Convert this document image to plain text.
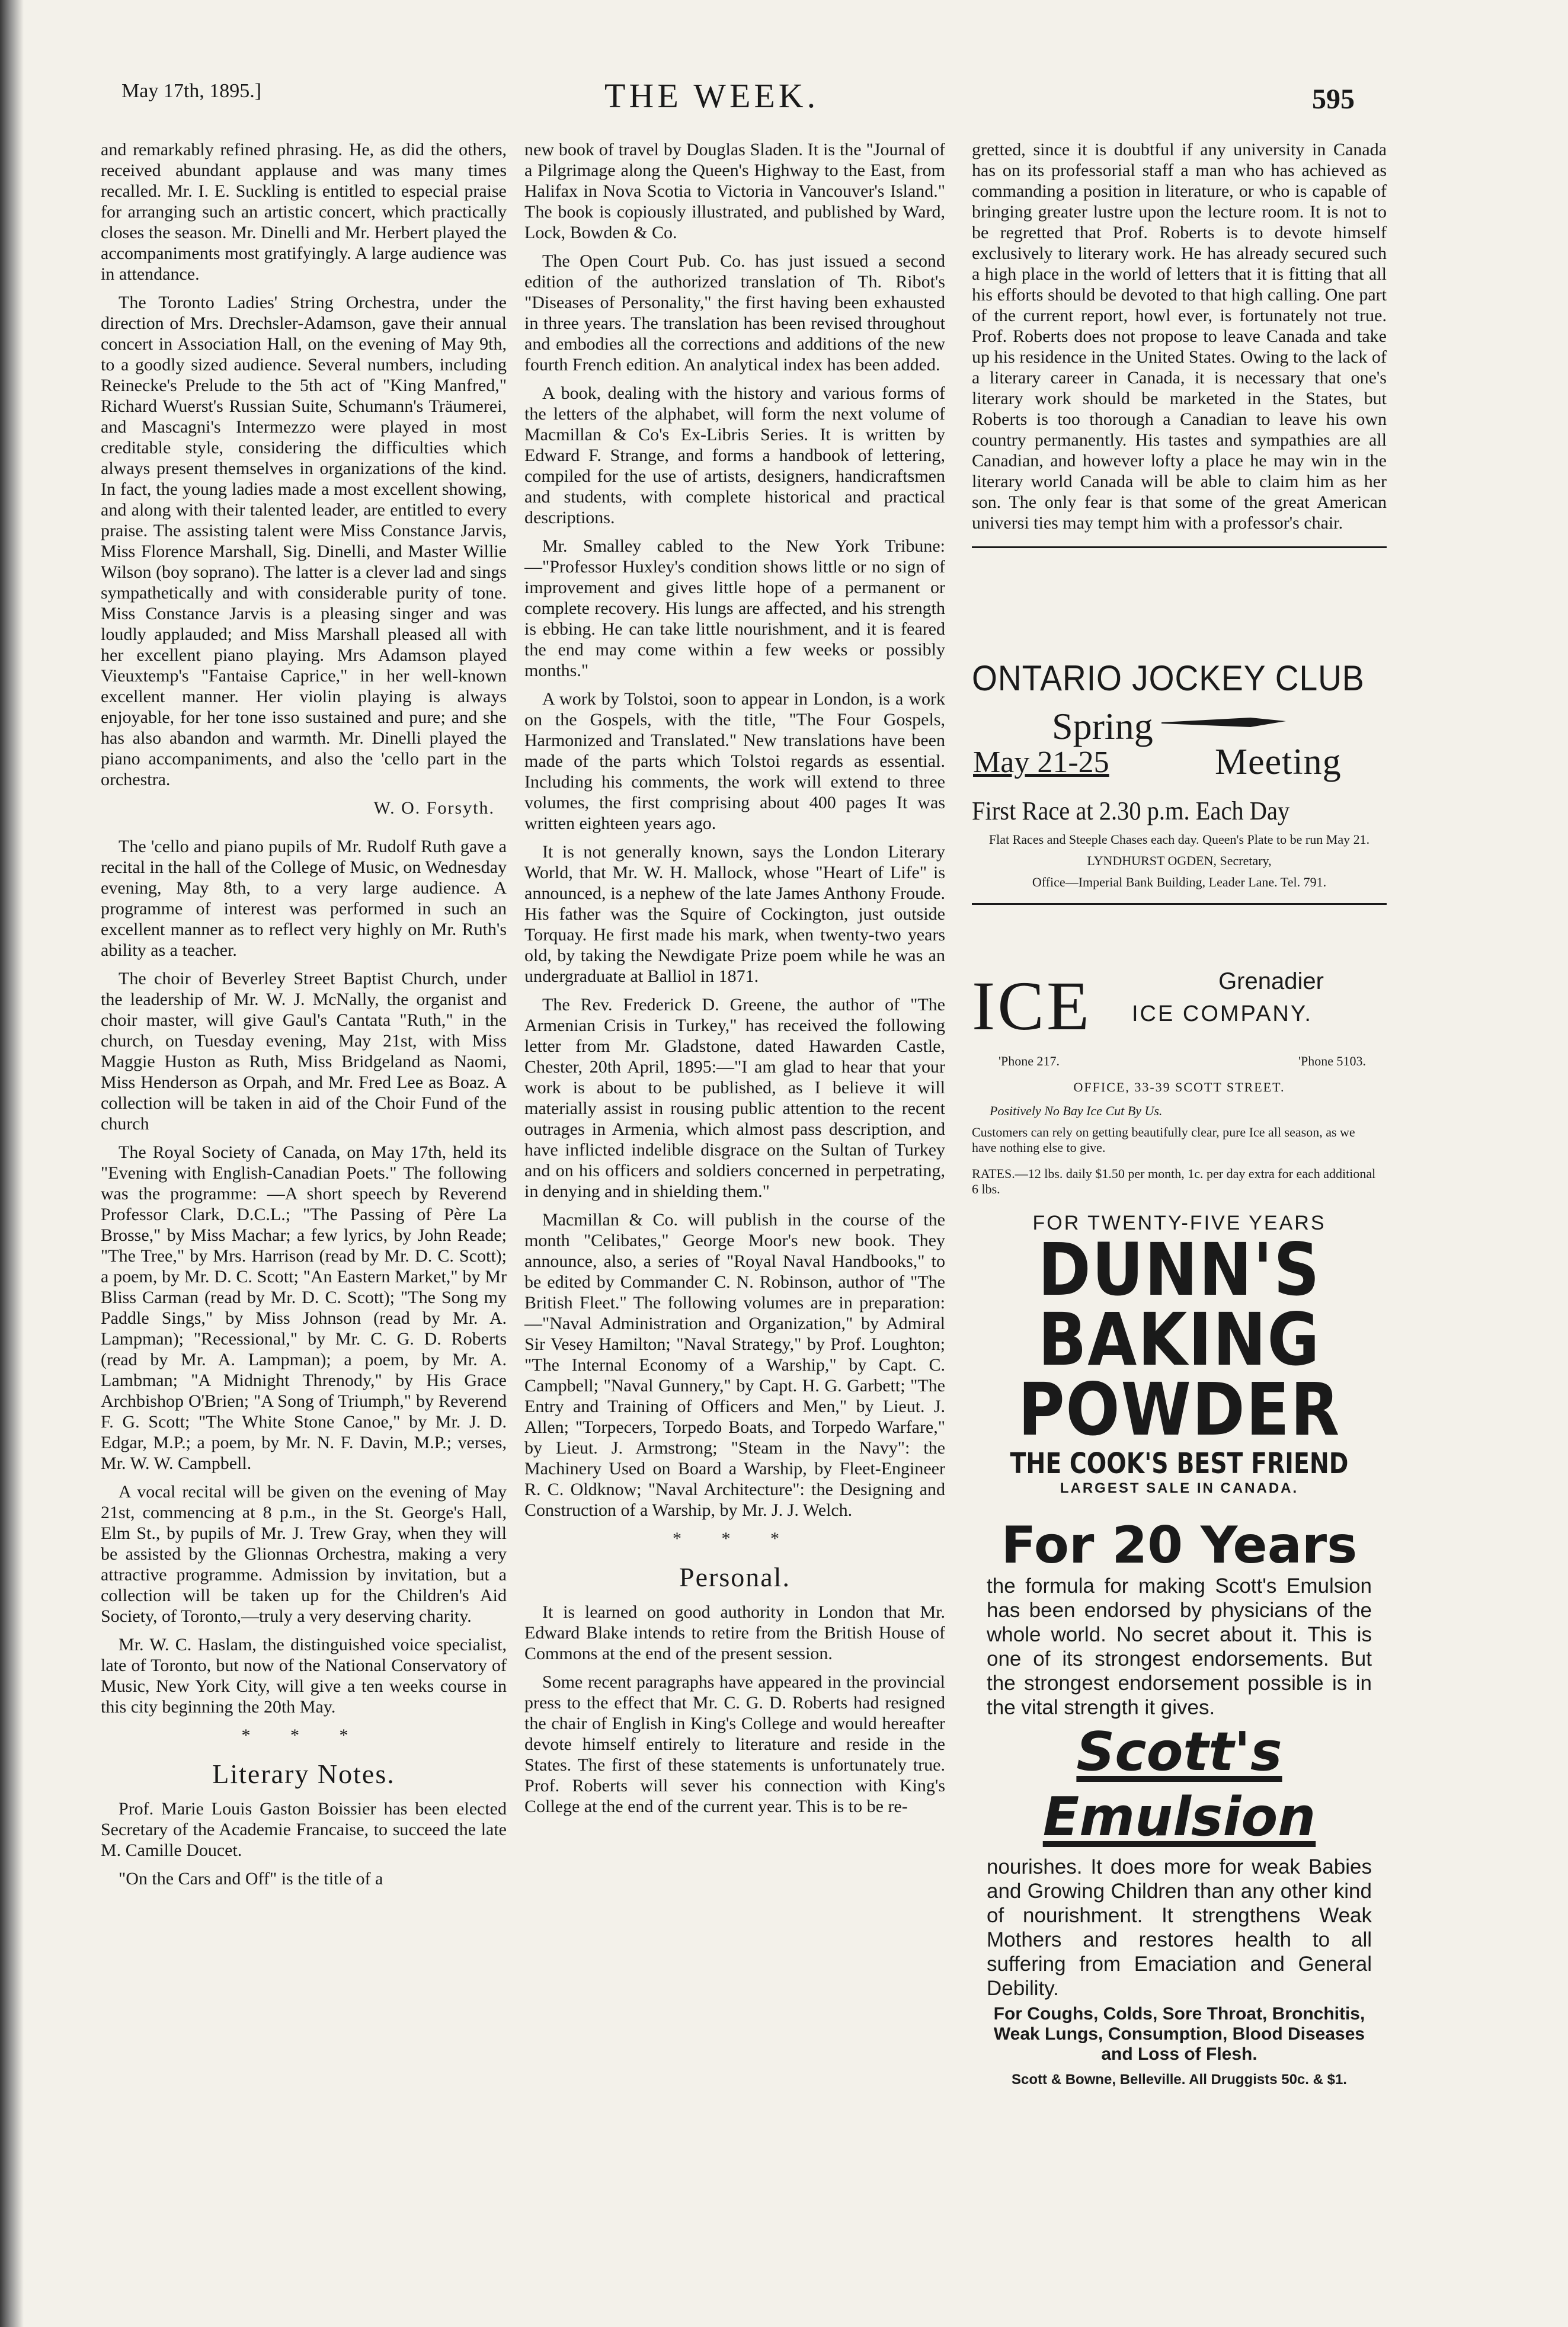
May 17th, 1895.]	THE WEEK.	595

and remarkably refined phrasing. He, as did the others, received abundant applause and was many times recalled. Mr. I. E. Suckling is entitled to especial praise for arranging such an artistic concert, which practically closes the season. Mr. Dinelli and Mr. Herbert played the accompaniments most gratifyingly. A large audience was in attendance.

The Toronto Ladies' String Orchestra, under the direction of Mrs. Drechsler-Adamson, gave their annual concert in Association Hall, on the evening of May 9th, to a goodly sized audience. Several numbers, including Reinecke's Prelude to the 5th act of "King Manfred," Richard Wuerst's Russian Suite, Schumann's Träumerei, and Mascagni's Intermezzo were played in most creditable style, considering the difficulties which always present themselves in organizations of the kind. In fact, the young ladies made a most excellent showing, and along with their talented leader, are entitled to every praise. The assisting talent were Miss Constance Jarvis, Miss Florence Marshall, Sig. Dinelli, and Master Willie Wilson (boy soprano). The latter is a clever lad and sings sympathetically and with considerable purity of tone. Miss Constance Jarvis is a pleasing singer and was loudly applauded; and Miss Marshall pleased all with her excellent piano playing. Mrs Adamson played Vieuxtemp's "Fantaise Caprice," in her well-known excellent manner. Her violin playing is always enjoyable, for her tone isso sustained and pure; and she has also abandon and warmth. Mr. Dinelli played the piano accompaniments, and also the 'cello part in the orchestra.

W. O. Forsyth.

The 'cello and piano pupils of Mr. Rudolf Ruth gave a recital in the hall of the College of Music, on Wednesday evening, May 8th, to a very large audience. A programme of interest was performed in such an excellent manner as to reflect very highly on Mr. Ruth's ability as a teacher.

The choir of Beverley Street Baptist Church, under the leadership of Mr. W. J. McNally, the organist and choir master, will give Gaul's Cantata "Ruth," in the church, on Tuesday evening, May 21st, with Miss Maggie Huston as Ruth, Miss Bridgeland as Naomi, Miss Henderson as Orpah, and Mr. Fred Lee as Boaz. A collection will be taken in aid of the Choir Fund of the church

The Royal Society of Canada, on May 17th, held its "Evening with English-Canadian Poets." The following was the programme: —A short speech by Reverend Professor Clark, D.C.L.; "The Passing of Père La Brosse," by Miss Machar; a few lyrics, by John Reade; "The Tree," by Mrs. Harrison (read by Mr. D. C. Scott); a poem, by Mr. D. C. Scott; "An Eastern Market," by Mr Bliss Carman (read by Mr. D. C. Scott); "The Song my Paddle Sings," by Miss Johnson (read by Mr. A. Lampman); "Recessional," by Mr. C. G. D. Roberts (read by Mr. A. Lampman); a poem, by Mr. A. Lambman; "A Midnight Threnody," by His Grace Archbishop O'Brien; "A Song of Triumph," by Reverend F. G. Scott; "The White Stone Canoe," by Mr. J. D. Edgar, M.P.; a poem, by Mr. N. F. Davin, M.P.; verses, Mr. W. W. Campbell.

A vocal recital will be given on the evening of May 21st, commencing at 8 p.m., in the St. George's Hall, Elm St., by pupils of Mr. J. Trew Gray, when they will be assisted by the Glionnas Orchestra, making a very attractive programme. Admission by invitation, but a collection will be taken up for the Children's Aid Society, of Toronto,—truly a very deserving charity.

Mr. W. C. Haslam, the distinguished voice specialist, late of Toronto, but now of the National Conservatory of Music, New York City, will give a ten weeks course in this city beginning the 20th May.

* * *
Literary Notes.

Prof. Marie Louis Gaston Boissier has been elected Secretary of the Academie Francaise, to succeed the late M. Camille Doucet.

"On the Cars and Off" is the title of a

new book of travel by Douglas Sladen. It is the "Journal of a Pilgrimage along the Queen's Highway to the East, from Halifax in Nova Scotia to Victoria in Vancouver's Island." The book is copiously illustrated, and published by Ward, Lock, Bowden & Co.

The Open Court Pub. Co. has just issued a second edition of the authorized translation of Th. Ribot's "Diseases of Personality," the first having been exhausted in three years. The translation has been revised throughout and embodies all the corrections and additions of the new fourth French edition. An analytical index has been added.

A book, dealing with the history and various forms of the letters of the alphabet, will form the next volume of Macmillan & Co's Ex-Libris Series. It is written by Edward F. Strange, and forms a handbook of lettering, compiled for the use of artists, designers, handicraftsmen and students, with complete historical and practical descriptions.

Mr. Smalley cabled to the New York Tribune:—"Professor Huxley's condition shows little or no sign of improvement and gives little hope of a permanent or complete recovery. His lungs are affected, and his strength is ebbing. He can take little nourishment, and it is feared the end may come within a few weeks or possibly months."

A work by Tolstoi, soon to appear in London, is a work on the Gospels, with the title, "The Four Gospels, Harmonized and Translated." New translations have been made of the parts which Tolstoi regards as essential. Including his comments, the work will extend to three volumes, the first comprising about 400 pages It was written eighteen years ago.

It is not generally known, says the London Literary World, that Mr. W. H. Mallock, whose "Heart of Life" is announced, is a nephew of the late James Anthony Froude. His father was the Squire of Cockington, just outside Torquay. He first made his mark, when twenty-two years old, by taking the Newdigate Prize poem while he was an undergraduate at Balliol in 1871.

The Rev. Frederick D. Greene, the author of "The Armenian Crisis in Turkey," has received the following letter from Mr. Gladstone, dated Hawarden Castle, Chester, 20th April, 1895:—"I am glad to hear that your work is about to be published, as I believe it will materially assist in rousing public attention to the recent outrages in Armenia, which almost pass description, and have inflicted indelible disgrace on the Sultan of Turkey and on his officers and soldiers concerned in perpetrating, in denying and in shielding them."

Macmillan & Co. will publish in the course of the month "Celibates," George Moor's new book. They announce, also, a series of "Royal Naval Handbooks," to be edited by Commander C. N. Robinson, author of "The British Fleet." The following volumes are in preparation:—"Naval Administration and Organization," by Admiral Sir Vesey Hamilton; "Naval Strategy," by Prof. Loughton; "The Internal Economy of a Warship," by Capt. C. Campbell; "Naval Gunnery," by Capt. H. G. Garbett; "The Entry and Training of Officers and Men," by Lieut. J. Allen; "Torpecers, Torpedo Boats, and Torpedo Warfare," by Lieut. J. Armstrong; "Steam in the Navy": the Machinery Used on Board a Warship, by Fleet-Engineer R. C. Oldknow; "Naval Architecture": the Designing and Construction of a Warship, by Mr. J. J. Welch.

* * *
Personal.

It is learned on good authority in London that Mr. Edward Blake intends to retire from the British House of Commons at the end of the present session.

Some recent paragraphs have appeared in the provincial press to the effect that Mr. C. G. D. Roberts had resigned the chair of English in King's College and would hereafter devote himself entirely to literature and reside in the States. The first of these statements is unfortunately true. Prof. Roberts will sever his connection with King's College at the end of the current year. This is to be re-

gretted, since it is doubtful if any university in Canada has on its professorial staff a man who has achieved as commanding a position in literature, or who is capable of bringing greater lustre upon the lecture room. It is not to be regretted that Prof. Roberts is to devote himself exclusively to literary work. He has already secured such a high place in the world of letters that it is fitting that all his efforts should be devoted to that high calling. One part of the current report, howl ever, is fortunately not true. Prof. Roberts does not propose to leave Canada and take up his residence in the United States. Owing to the lack of a literary career in Canada, it is necessary that one's literary work should be marketed in the States, but Roberts is too thorough a Canadian to leave his own country permanently. His tastes and sympathies are all Canadian, and however lofty a place he may win in the literary world Canada will be able to claim him as her son. The only fear is that some of the great American universi ties may tempt him with a professor's chair.

ONTARIO JOCKEY CLUB
Spring
May 21-25	Meeting
First Race at 2.30 p.m. Each Day
Flat Races and Steeple Chases each day. Queen's Plate to be run May 21.
LYNDHURST OGDEN, Secretary,
Office—Imperial Bank Building, Leader Lane. Tel. 791.
ICE	Grenadier
ICE COMPANY.
'Phone 217.	'Phone 5103.
OFFICE, 33-39 SCOTT STREET.
Positively No Bay Ice Cut By Us.
Customers can rely on getting beautifully clear, pure Ice all season, as we have nothing else to give.
RATES.—12 lbs. daily $1.50 per month, 1c. per day extra for each additional 6 lbs.
FOR TWENTY-FIVE YEARS
DUNN'S
BAKING
POWDER
THE COOK'S BEST FRIEND
LARGEST SALE IN CANADA.
For 20 Years
the formula for making Scott's Emulsion has been endorsed by physicians of the whole world. No secret about it. This is one of its strongest endorsements. But the strongest endorsement possible is in the vital strength it gives.
Scott's
Emulsion
nourishes. It does more for weak Babies and Growing Children than any other kind of nourishment. It strengthens Weak Mothers and restores health to all suffering from Emaciation and General Debility.
For Coughs, Colds, Sore Throat, Bronchitis, Weak Lungs, Consumption, Blood Diseases and Loss of Flesh.
Scott & Bowne, Belleville. All Druggists 50c. & $1.
